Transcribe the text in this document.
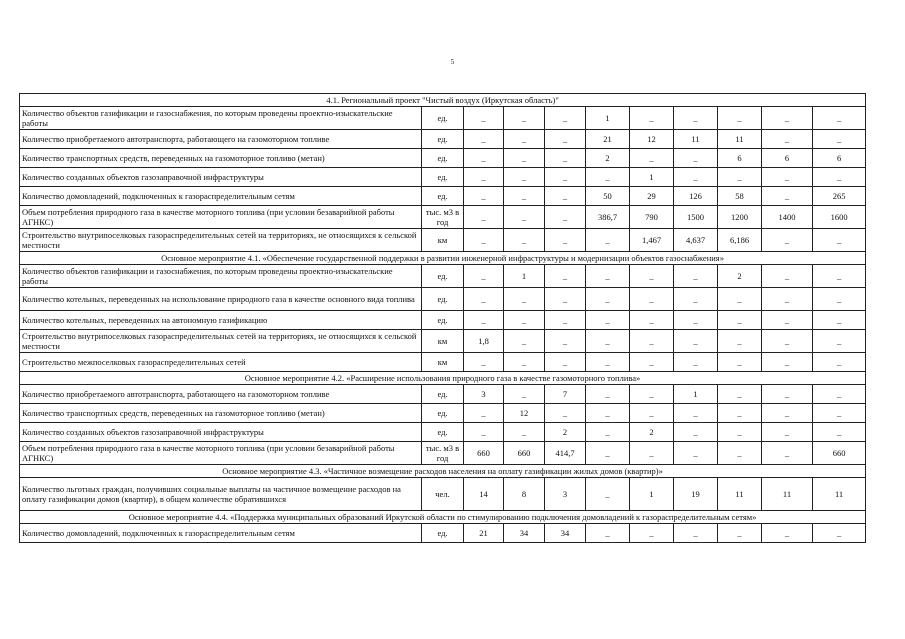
5
4.1. Региональный проект "Чистый воздух (Иркутская область)"										
Количество объектов газификации и газоснабжения, по которым проведены проектно-изыскательские работы	ед.	_	_	_	1	_	_	_	_	_
Количество приобретаемого автотранспорта, работающего на газомоторном топливе	ед.	_	_	_	21	12	11	11	_	_
Количество транспортных средств, переведенных на газомоторное топливо (метан)	ед.	_	_	_	2	_	_	6	6	6
Количество созданных объектов газозаправочной инфраструктуры	ед.	_	_	_	_	1	_	_	_	_
Количество домовладений, подключенных к газораспределительным сетям	ед.	_	_	_	50	29	126	58	_	265
Объем потребления природного газа в качестве моторного топлива (при условии безаварийной работы АГНКС)	тыс. м3 в год	_	_	_	386,7	790	1500	1200	1400	1600
Строительство внутрипоселковых газораспределительных сетей на территориях, не относящихся к сельской местности	км	_	_	_	_	1,467	4,637	6,186	_	_
Основное мероприятие 4.1. «Обеспечение государственной поддержки в развитии инженерной инфраструктуры и модернизации объектов газоснабжения»										
Количество объектов газификации и газоснабжения, по которым проведены проектно-изыскательские работы	ед.	_	1	_	_	_	_	2	_	_
Количество котельных, переведенных на использование природного газа в качестве основного вида топлива	ед.	_	_	_	_	_	_	_	_	_
Количество котельных, переведенных на автономную газификацию	ед.	_	_	_	_	_	_	_	_	_
Строительство внутрипоселковых газораспределительных сетей на территориях, не относящихся к сельской местности	км	1,8	_	_	_	_	_	_	_	_
Строительство межпоселковых газораспределительных сетей	км	_	_	_	_	_	_	_	_	_
Основное мероприятие 4.2. «Расширение использования природного газа в качестве газомоторного топлива»										
Количество приобретаемого автотранспорта, работающего на газомоторном топливе	ед.	3	_	7	_	_	1	_	_	_
Количество транспортных средств, переведенных на газомоторное топливо (метан)	ед.	_	12	_	_	_	_	_	_	_
Количество созданных объектов газозаправочной инфраструктуры	ед.	_	_	2	_	2	_	_	_	_
Объем потребления природного газа в качестве моторного топлива (при условии безаварийной работы АГНКС)	тыс. м3 в год	660	660	414,7	_	_	_	_	_	660
Основное мероприятие 4.3. «Частичное возмещение расходов населения на оплату газификации жилых домов (квартир)»										
Количество льготных граждан, получивших социальные выплаты на частичное возмещение расходов на оплату газификации домов (квартир), в общем количестве обратившихся	чел.	14	8	3	_	1	19	11	11	11
Основное мероприятие 4.4. «Поддержка муниципальных образований Иркутской области по стимулированию подключения домовладений к газораспределительным сетям»										
Количество домовладений, подключенных к газораспределительным сетям	ед.	21	34	34	_	_	_	_	_	_
